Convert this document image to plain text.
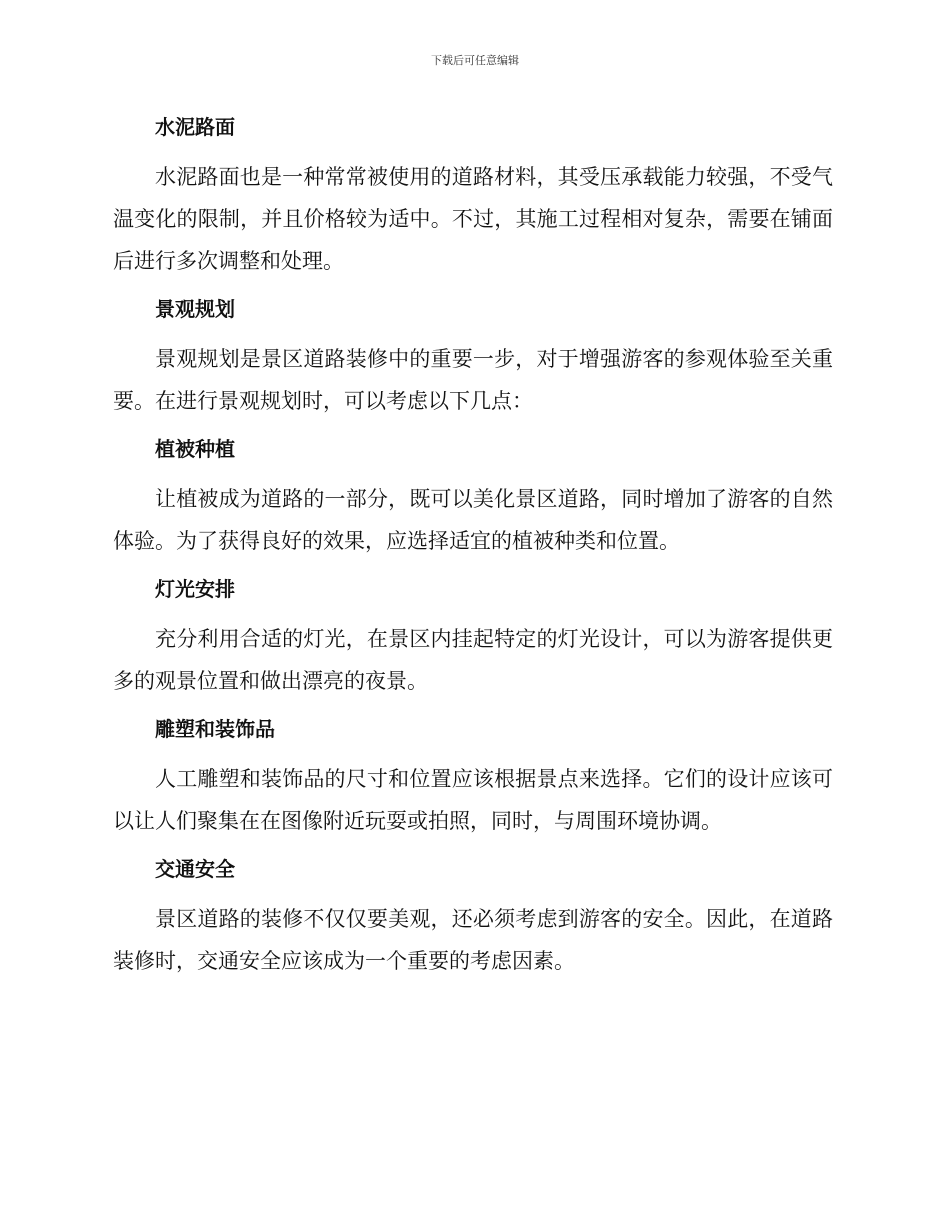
下载后可任意编辑
水泥路面

水泥路面也是一种常常被使用的道路材料，其受压承载能力较强，不受气温变化的限制，并且价格较为适中。不过，其施工过程相对复杂，需要在铺面后进行多次调整和处理。

景观规划

景观规划是景区道路装修中的重要一步，对于增强游客的参观体验至关重要。在进行景观规划时，可以考虑以下几点：

植被种植

让植被成为道路的一部分，既可以美化景区道路，同时增加了游客的自然体验。为了获得良好的效果，应选择适宜的植被种类和位置。

灯光安排

充分利用合适的灯光，在景区内挂起特定的灯光设计，可以为游客提供更多的观景位置和做出漂亮的夜景。

雕塑和装饰品

人工雕塑和装饰品的尺寸和位置应该根据景点来选择。它们的设计应该可以让人们聚集在在图像附近玩耍或拍照，同时，与周围环境协调。

交通安全

景区道路的装修不仅仅要美观，还必须考虑到游客的安全。因此，在道路装修时，交通安全应该成为一个重要的考虑因素。
